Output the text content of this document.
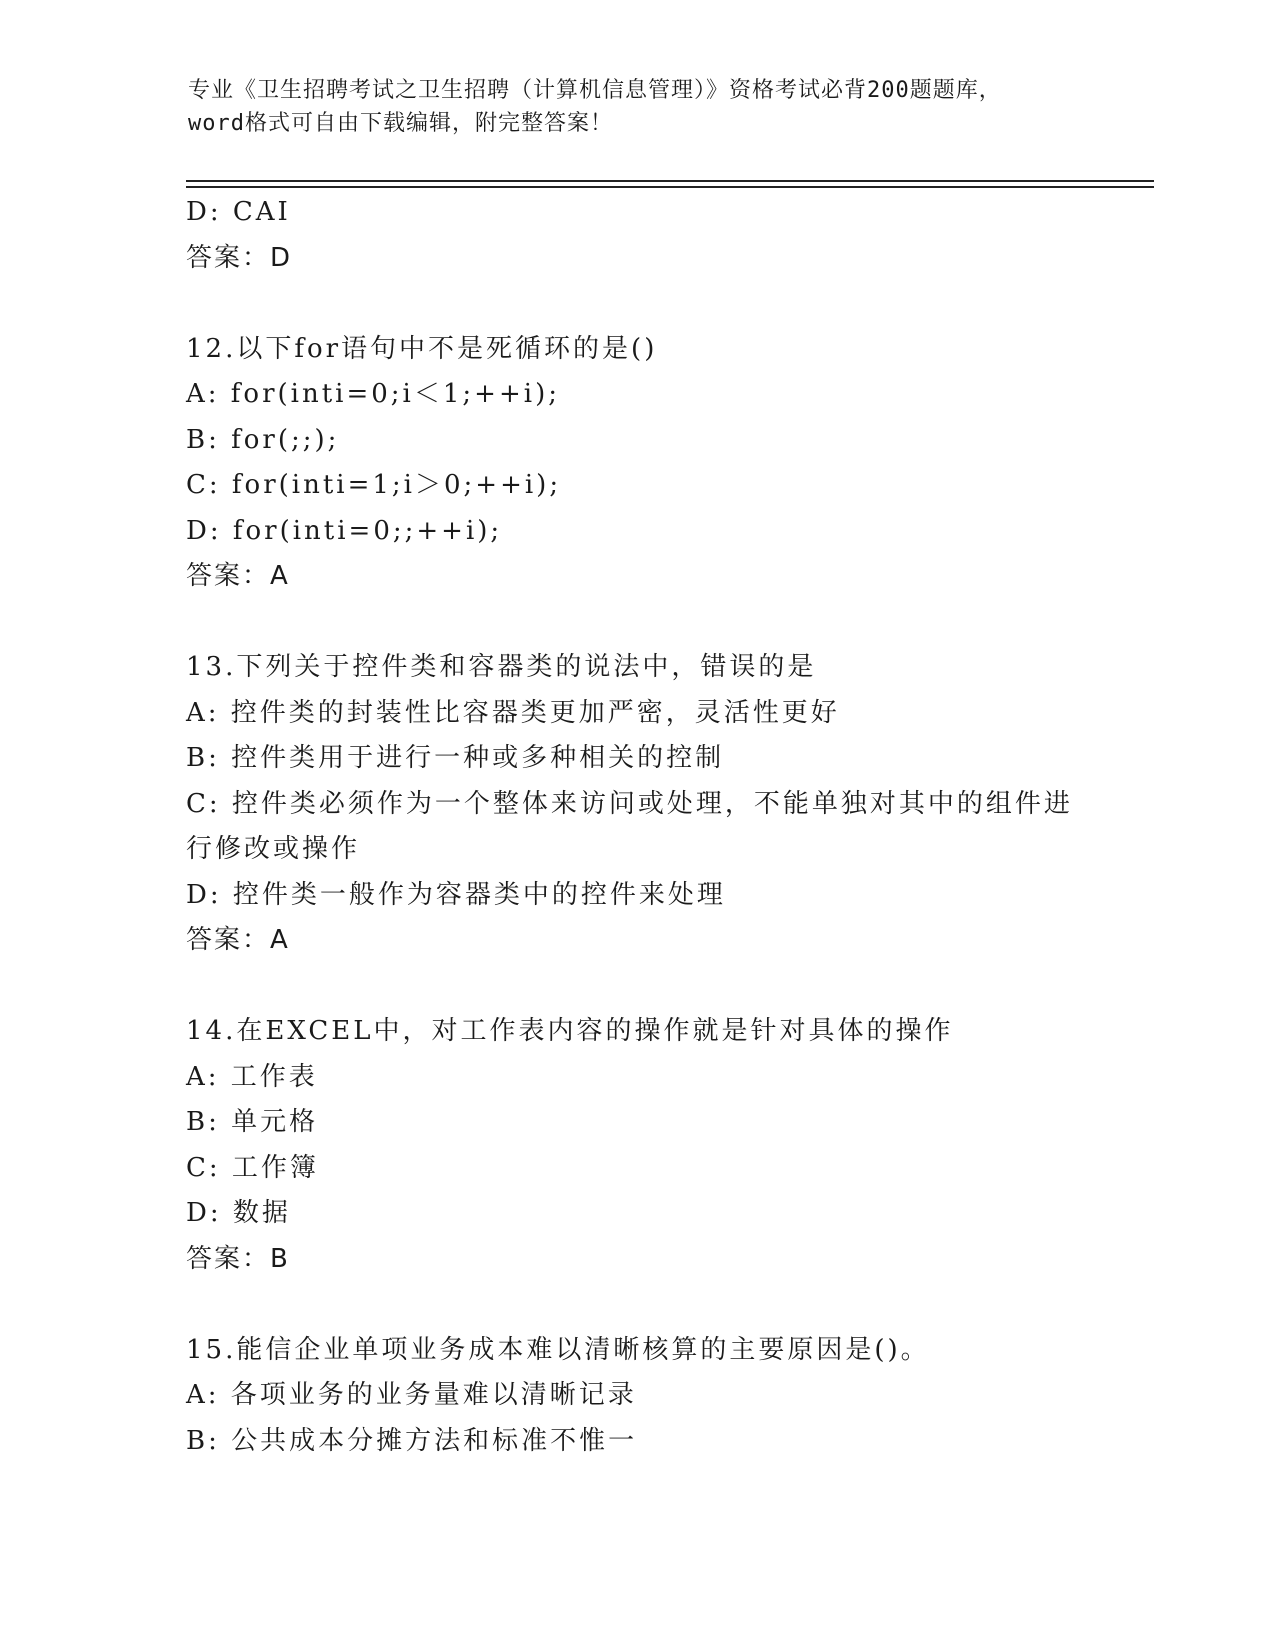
专业《卫生招聘考试之卫生招聘（计算机信息管理）》资格考试必背200题题库，
word格式可自由下载编辑，附完整答案！
D: CAI
答案：D
12.以下for语句中不是死循环的是()
A: for(inti=0;i＜1;++i);
B: for(;;);
C: for(inti=1;i＞0;++i);
D: for(inti=0;;++i);
答案：A
13.下列关于控件类和容器类的说法中，错误的是
A: 控件类的封装性比容器类更加严密，灵活性更好
B: 控件类用于进行一种或多种相关的控制
C: 控件类必须作为一个整体来访问或处理，不能单独对其中的组件进
行修改或操作
D: 控件类一般作为容器类中的控件来处理
答案：A
14.在EXCEL中，对工作表内容的操作就是针对具体的操作
A: 工作表
B: 单元格
C: 工作簿
D: 数据
答案：B
15.能信企业单项业务成本难以清晰核算的主要原因是()。
A: 各项业务的业务量难以清晰记录
B: 公共成本分摊方法和标准不惟一
